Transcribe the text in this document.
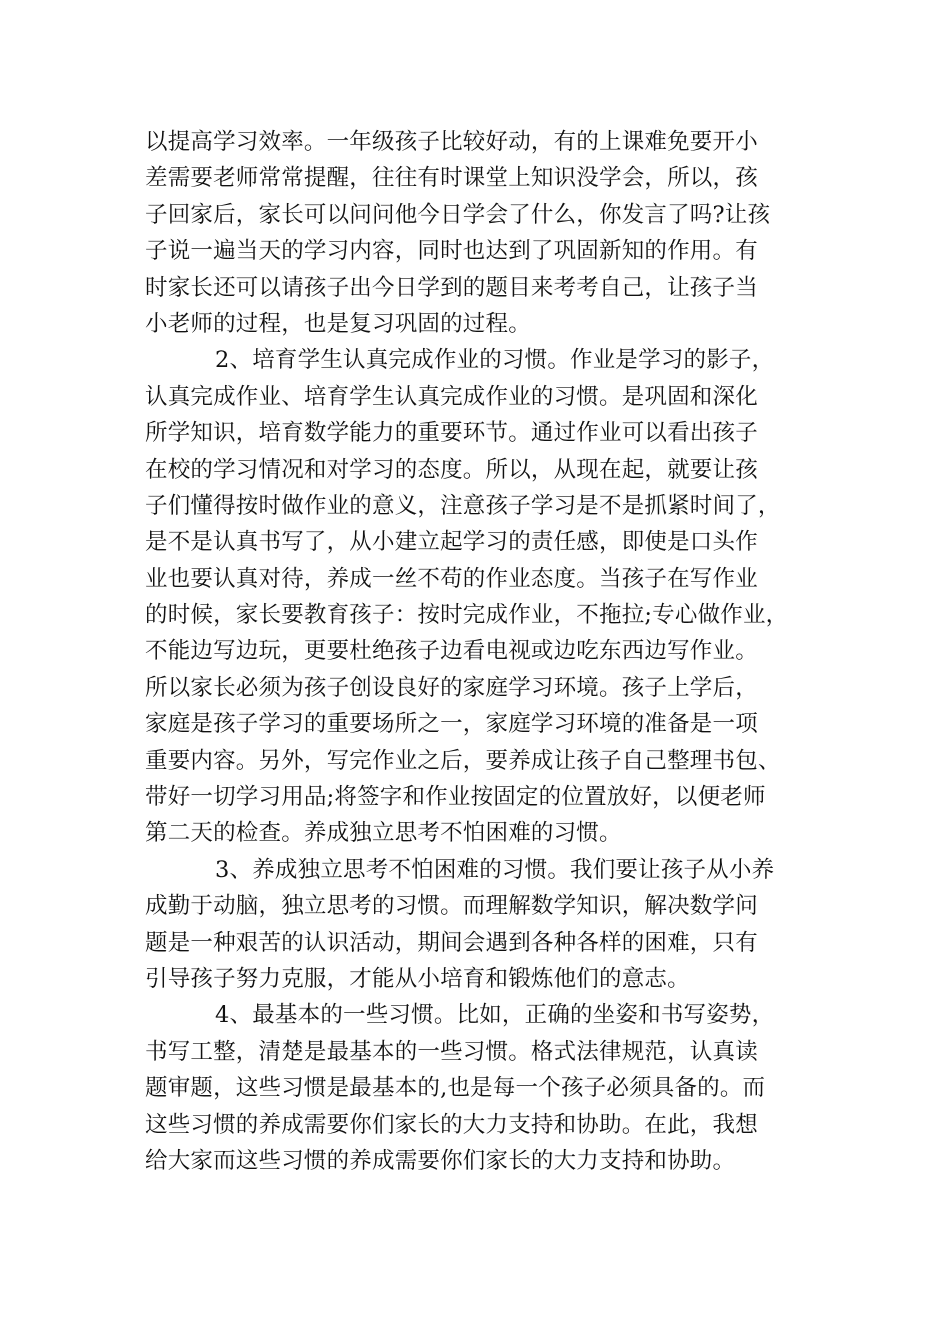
以提高学习效率。一年级孩子比较好动，有的上课难免要开小
差需要老师常常提醒，往往有时课堂上知识没学会，所以，孩
子回家后，家长可以问问他今日学会了什么，你发言了吗?让孩
子说一遍当天的学习内容，同时也达到了巩固新知的作用。有
时家长还可以请孩子出今日学到的题目来考考自己，让孩子当
小老师的过程，也是复习巩固的过程。
2、培育学生认真完成作业的习惯。作业是学习的影子，
认真完成作业、培育学生认真完成作业的习惯。是巩固和深化
所学知识，培育数学能力的重要环节。通过作业可以看出孩子
在校的学习情况和对学习的态度。所以，从现在起，就要让孩
子们懂得按时做作业的意义，注意孩子学习是不是抓紧时间了，
是不是认真书写了，从小建立起学习的责任感，即使是口头作
业也要认真对待，养成一丝不苟的作业态度。当孩子在写作业
的时候，家长要教育孩子：按时完成作业，不拖拉;专心做作业，
不能边写边玩，更要杜绝孩子边看电视或边吃东西边写作业。
所以家长必须为孩子创设良好的家庭学习环境。孩子上学后，
家庭是孩子学习的重要场所之一，家庭学习环境的准备是一项
重要内容。另外，写完作业之后，要养成让孩子自己整理书包、
带好一切学习用品;将签字和作业按固定的位置放好，以便老师
第二天的检查。养成独立思考不怕困难的习惯。
3、养成独立思考不怕困难的习惯。我们要让孩子从小养
成勤于动脑，独立思考的习惯。而理解数学知识，解决数学问
题是一种艰苦的认识活动，期间会遇到各种各样的困难，只有
引导孩子努力克服，才能从小培育和锻炼他们的意志。
4、最基本的一些习惯。比如，正确的坐姿和书写姿势，
书写工整，清楚是最基本的一些习惯。格式法律规范，认真读
题审题，这些习惯是最基本的,也是每一个孩子必须具备的。而
这些习惯的养成需要你们家长的大力支持和协助。在此，我想
给大家而这些习惯的养成需要你们家长的大力支持和协助。
